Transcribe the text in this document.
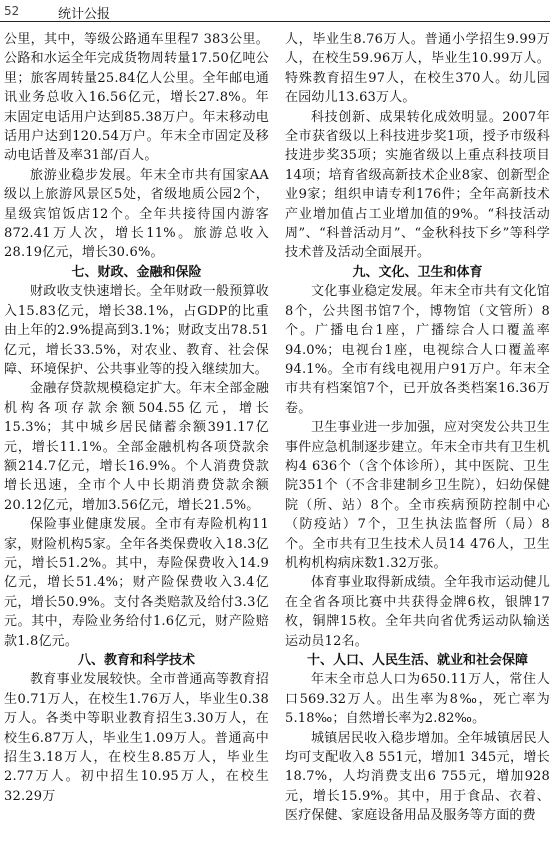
52	统计公报

公里，其中，等级公路通车里程7 383公里。公路和水运全年完成货物周转量17.50亿吨公里；旅客周转量25.84亿人公里。全年邮电通讯业务总收入16.56亿元，增长27.8%。年末固定电话用户达到85.38万户。年末移动电话用户达到120.54万户。年末全市固定及移动电话普及率31部/百人。

旅游业稳步发展。年末全市共有国家AA级以上旅游风景区5处，省级地质公园2个，星级宾馆饭店12个。全年共接待国内游客872.41万人次，增长11%。旅游总收入28.19亿元，增长30.6%。

七、财政、金融和保险

财政收支快速增长。全年财政一般预算收入15.83亿元，增长38.1%，占GDP的比重由上年的2.9%提高到3.1%；财政支出78.51亿元，增长33.5%，对农业、教育、社会保障、环境保护、公共事业等的投入继续加大。

金融存贷款规模稳定扩大。年末全部金融机构各项存款余额504.55亿元，增长15.3%；其中城乡居民储蓄余额391.17亿元，增长11.1%。全部金融机构各项贷款余额214.7亿元，增长16.9%。个人消费贷款增长迅速，全市个人中长期消费贷款余额20.12亿元，增加3.56亿元，增长21.5%。

保险事业健康发展。全市有寿险机构11家，财险机构5家。全年各类保费收入18.3亿元，增长51.2%。其中，寿险保费收入14.9亿元，增长51.4%；财产险保费收入3.4亿元，增长50.9%。支付各类赔款及给付3.3亿元。其中，寿险业务给付1.6亿元，财产险赔款1.8亿元。

八、教育和科学技术

教育事业发展较快。全市普通高等教育招生0.71万人，在校生1.76万人，毕业生0.38万人。各类中等职业教育招生3.30万人，在校生6.87万人，毕业生1.09万人。普通高中招生3.18万人，在校生8.85万人，毕业生2.77万人。初中招生10.95万人，在校生32.29万

人，毕业生8.76万人。普通小学招生9.99万人，在校生59.96万人，毕业生10.99万人。特殊教育招生97人，在校生370人。幼儿园在园幼儿13.63万人。

科技创新、成果转化成效明显。2007年全市获省级以上科技进步奖1项，授予市级科技进步奖35项；实施省级以上重点科技项目14项；培育省级高新技术企业8家、创新型企业9家；组织申请专利176件；全年高新技术产业增加值占工业增加值的9%。“科技活动周”、“科普活动月”、“金秋科技下乡”等科学技术普及活动全面展开。

九、文化、卫生和体育

文化事业稳定发展。年末全市共有文化馆8个，公共图书馆7个，博物馆（文管所）8个。广播电台1座，广播综合人口覆盖率94.0%；电视台1座，电视综合人口覆盖率94.1%。全市有线电视用户91万户。年末全市共有档案馆7个，已开放各类档案16.36万卷。

卫生事业进一步加强，应对突发公共卫生事件应急机制逐步建立。年末全市共有卫生机构4 636个（含个体诊所），其中医院、卫生院351个（不含非建制乡卫生院），妇幼保健院（所、站）8个。全市疾病预防控制中心（防疫站）7个，卫生执法监督所（局）8个。全市共有卫生技术人员14 476人，卫生机构机构病床数1.32万张。

体育事业取得新成绩。全年我市运动健儿在全省各项比赛中共获得金牌6枚，银牌17枚，铜牌15枚。全年共向省优秀运动队输送运动员12名。

十、人口、人民生活、就业和社会保障

年末全市总人口为650.11万人，常住人口569.32万人。出生率为8‰，死亡率为5.18‰；自然增长率为2.82‰。

城镇居民收入稳步增加。全年城镇居民人均可支配收入8 551元，增加1 345元，增长18.7%，人均消费支出6 755元，增加928元，增长15.9%。其中，用于食品、衣着、医疗保健、家庭设备用品及服务等方面的费
